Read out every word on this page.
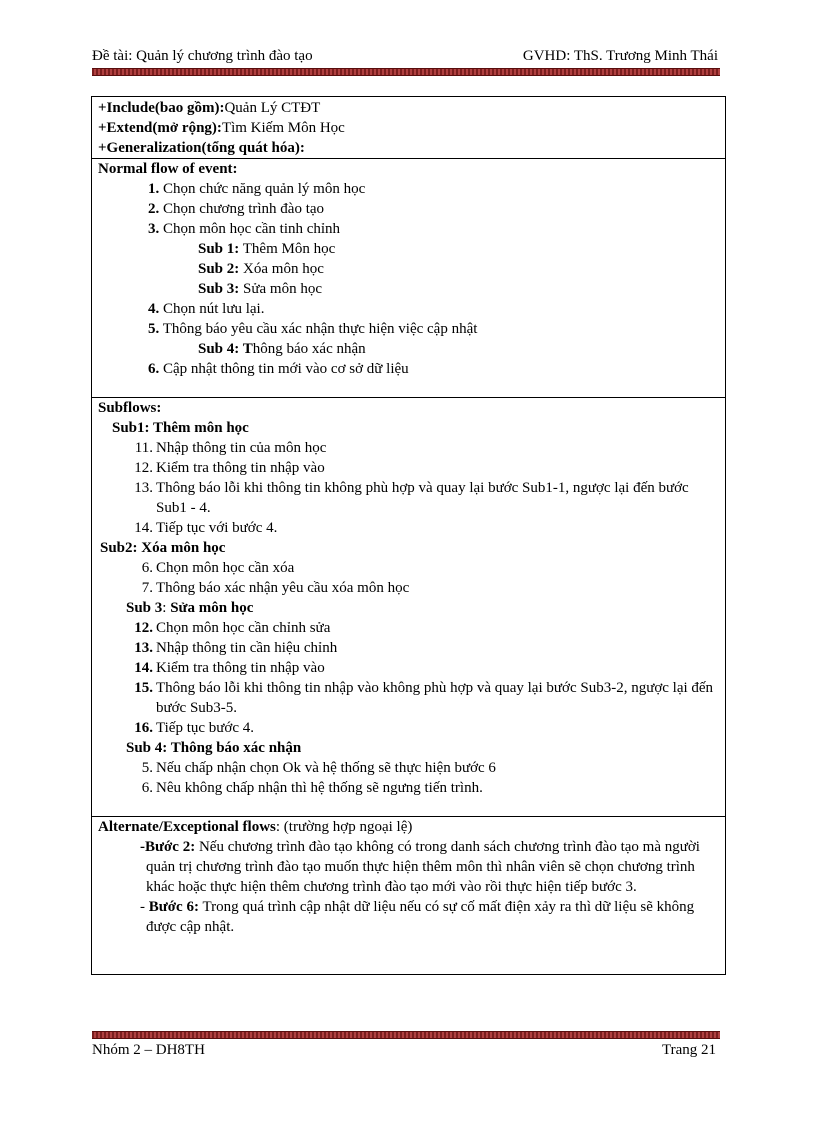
Đề tài: Quản lý chương trình đào tạo	GVHD: ThS. Trương Minh Thái
+Include(bao gồm):Quản Lý CTĐT
+Extend(mở rộng):Tìm Kiếm Môn Học
+Generalization(tổng quát hóa):

Normal flow of event:
1. Chọn chức năng quản lý môn học
2. Chọn chương trình đào tạo
3. Chọn môn học cần tinh chỉnh
Sub 1: Thêm Môn học
Sub 2: Xóa môn học
Sub 3: Sửa môn học
4. Chọn nút lưu lại.
5. Thông báo yêu cầu xác nhận thực hiện việc cập nhật
Sub 4: Thông báo xác nhận
6. Cập nhật thông tin mới vào cơ sở dữ liệu

Subflows:
Sub1: Thêm môn học
11. Nhập thông tin của môn học
12. Kiểm tra thông tin nhập vào
13. Thông báo lỗi khi thông tin không phù hợp và quay lại bước Sub1-1, ngược lại đến bước Sub1 - 4.
14. Tiếp tục với bước 4.
Sub2: Xóa môn học
6. Chọn môn học cần xóa
7. Thông báo xác nhận yêu cầu xóa môn học
Sub 3: Sửa môn học
12. Chọn môn học cần chỉnh sửa
13. Nhập thông tin cần hiệu chỉnh
14. Kiểm tra thông tin nhập vào
15. Thông báo lỗi khi thông tin nhập vào không phù hợp và quay lại bước Sub3-2, ngược lại đến bước Sub3-5.
16. Tiếp tục bước 4.
Sub 4: Thông báo xác nhận
5. Nếu chấp nhận chọn Ok và hệ thống sẽ thực hiện bước 6
6. Nêu không chấp nhận thì hệ thống sẽ ngưng tiến trình.

Alternate/Exceptional flows: (trường hợp ngoại lệ)
-Bước 2: Nếu chương trình đào tạo không có trong danh sách chương trình đào tạo mà người quản trị chương trình đào tạo muốn thực hiện thêm môn thì nhân viên sẽ chọn chương trình khác hoặc thực hiện thêm chương trình đào tạo mới vào rồi thực hiện tiếp bước 3.
- Bước 6: Trong quá trình cập nhật dữ liệu nếu có sự cố mất điện xảy ra thì dữ liệu sẽ không được cập nhật.
Nhóm 2 – DH8TH	Trang 21
